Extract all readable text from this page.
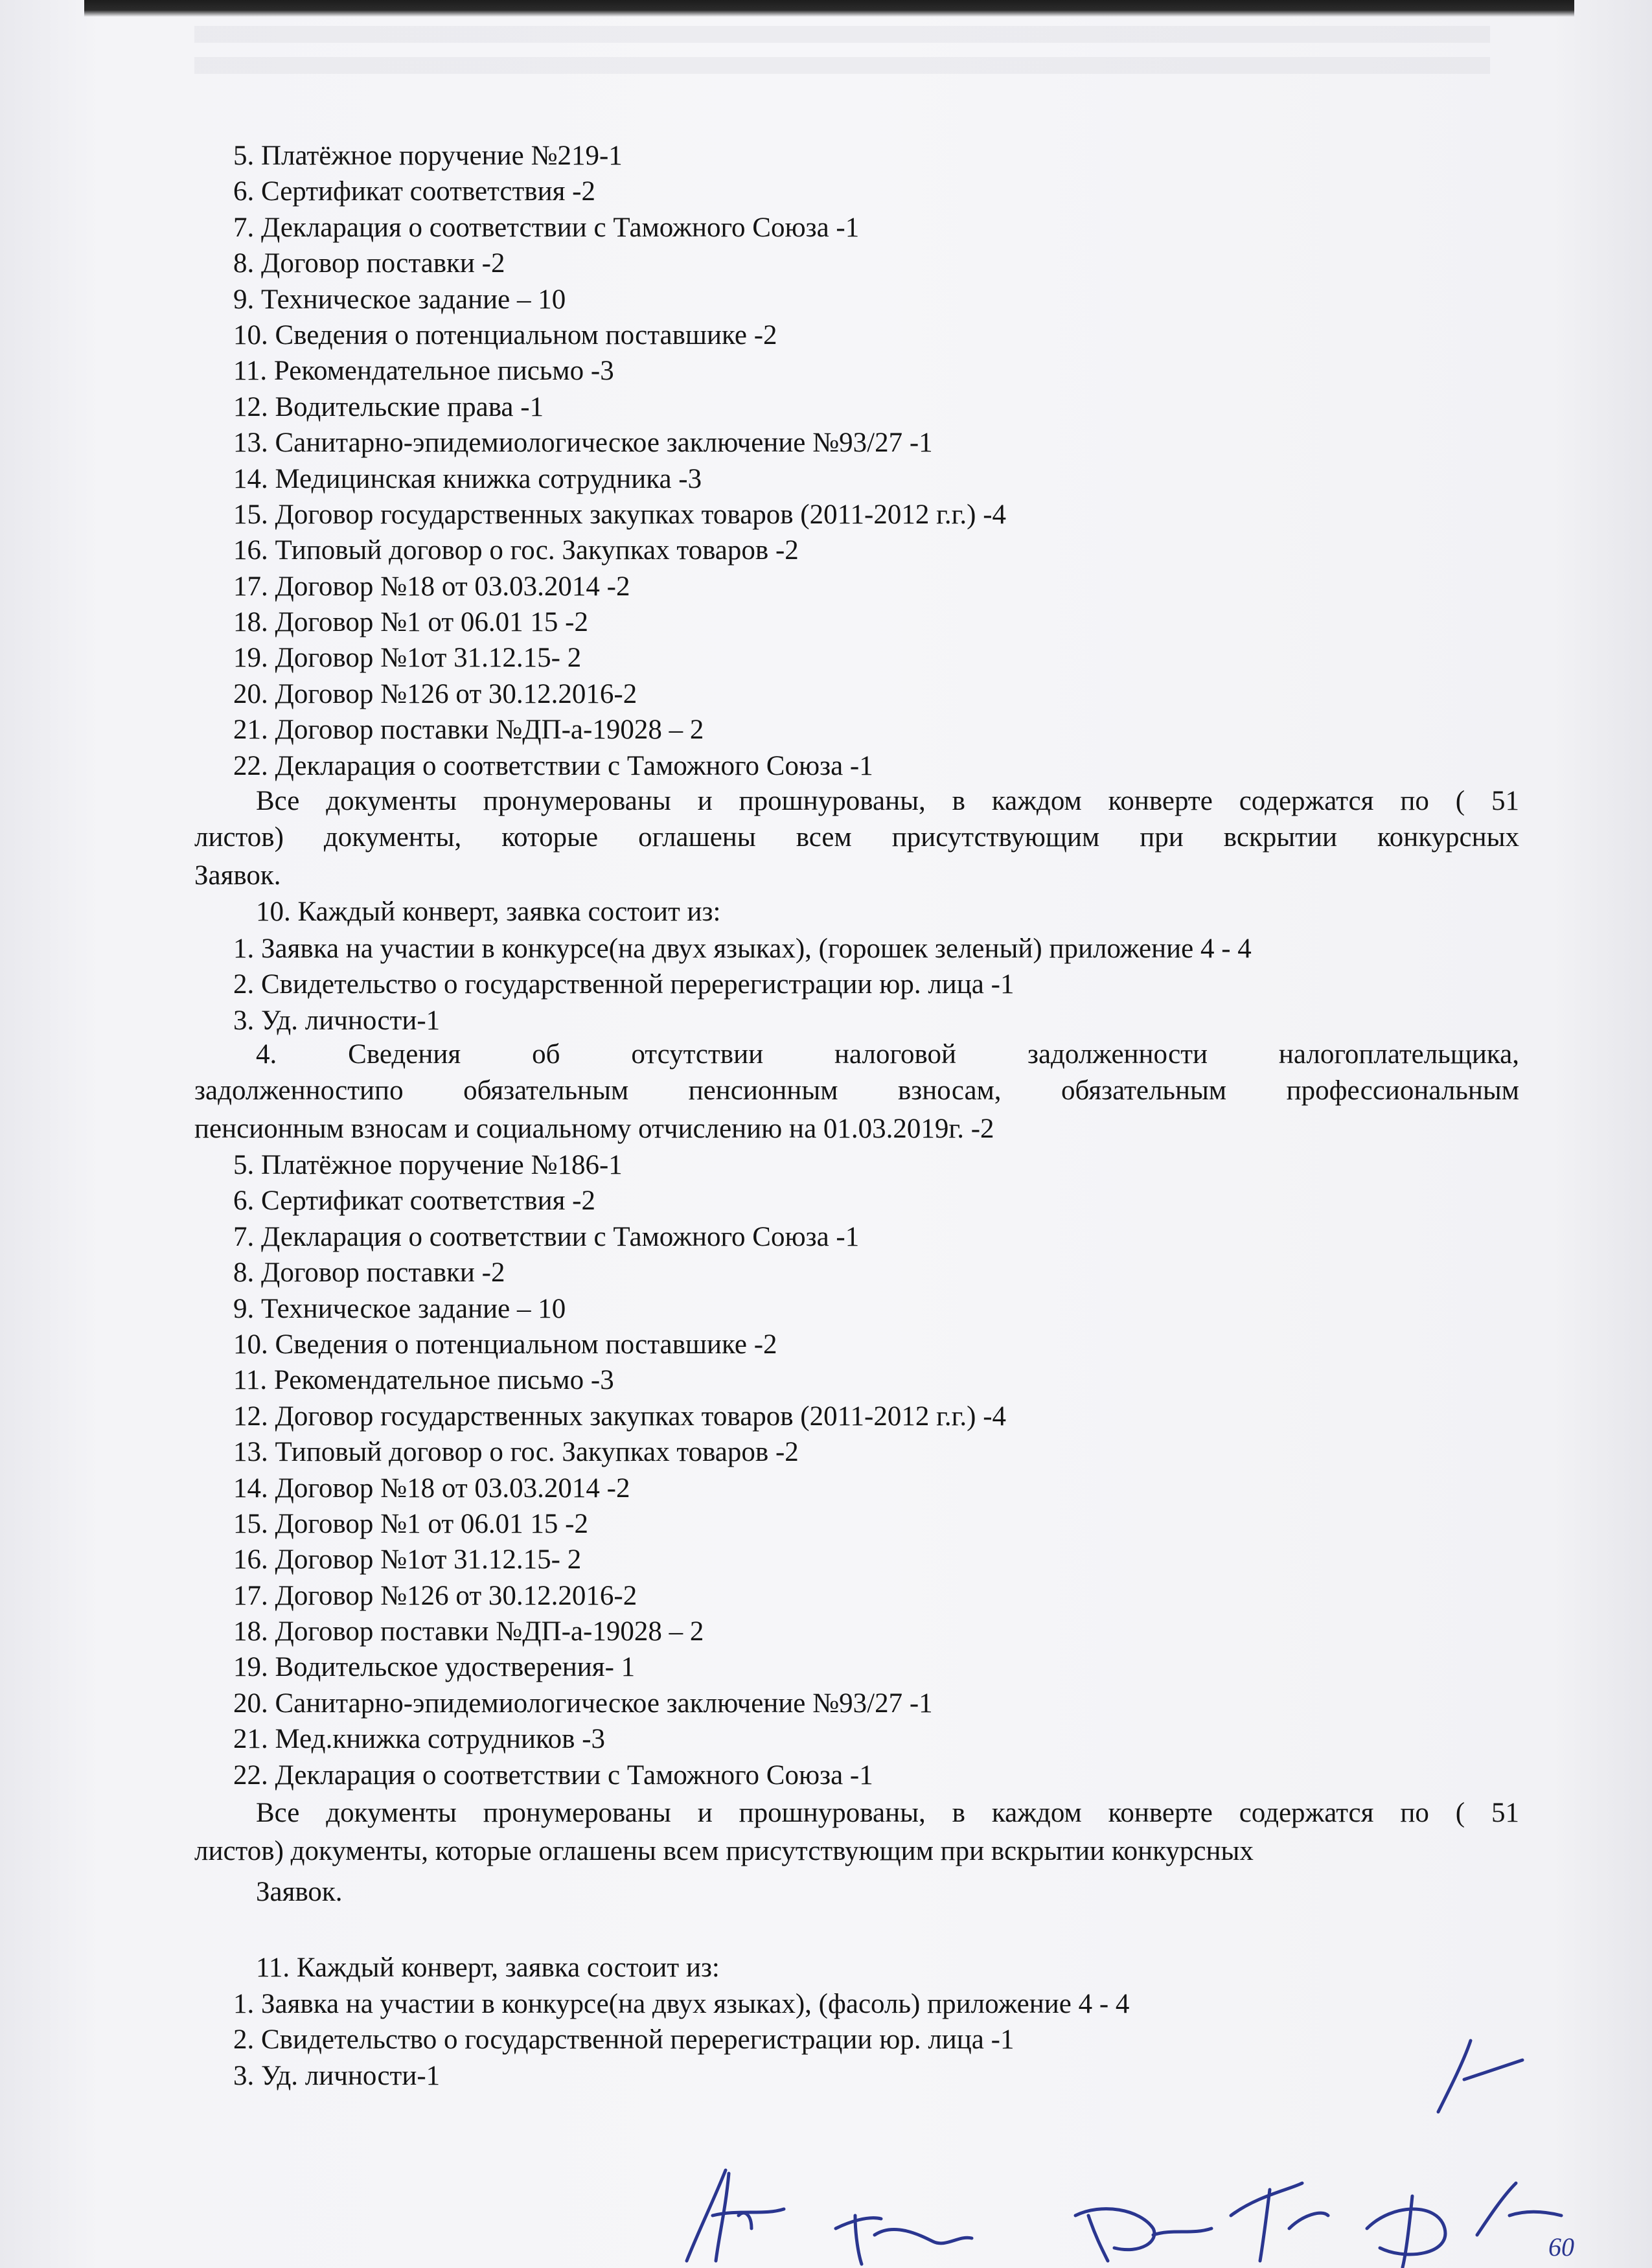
5. Платёжное поручение №219-1
6. Сертификат соответствия -2
7. Декларация о соответствии с Таможного Союза -1
8. Договор поставки -2
9. Техническое задание – 10
10. Сведения о потенциальном поставшике -2
11. Рекомендательное письмо -3
12. Водительские права -1
13. Санитарно-эпидемиологическое заключение №93/27 -1
14. Медицинская книжка сотрудника -3
15. Договор государственных закупках товаров (2011-2012 г.г.) -4
16. Типовый договор о гос. Закупках товаров -2
17. Договор №18 от 03.03.2014 -2
18. Договор №1 от 06.01 15 -2
19. Договор №1от 31.12.15- 2
20. Договор №126 от 30.12.2016-2
21. Договор поставки №ДП-а-19028 – 2
22. Декларация о соответствии с Таможного Союза -1
Все документы пронумерованы и прошнурованы, в каждом конверте содержатся по ( 51
листов) документы, которые оглашены всем присутствующим при вскрытии конкурсных
Заявок.
10. Каждый конверт, заявка состоит из:
1. Заявка на участии в конкурсе(на двух языках), (горошек зеленый) приложение 4 - 4
2. Свидетельство о государственной перерегистрации юр. лица -1
3. Уд. личности-1
4. Сведения об отсутствии налоговой задолженности налогоплательщика,
задолженностипо обязательным пенсионным взносам, обязательным профессиональным
пенсионным взносам и социальному отчислению на 01.03.2019г. -2
5. Платёжное поручение №186-1
6. Сертификат соответствия -2
7. Декларация о соответствии с Таможного Союза -1
8. Договор поставки -2
9. Техническое задание – 10
10. Сведения о потенциальном поставшике -2
11. Рекомендательное письмо -3
12. Договор государственных закупках товаров (2011-2012 г.г.) -4
13. Типовый договор о гос. Закупках товаров -2
14. Договор №18 от 03.03.2014 -2
15. Договор №1 от 06.01 15 -2
16. Договор №1от 31.12.15- 2
17. Договор №126 от 30.12.2016-2
18. Договор поставки №ДП-а-19028 – 2
19. Водительское удостверения- 1
20. Санитарно-эпидемиологическое заключение №93/27 -1
21. Мед.книжка сотрудников -3
22. Декларация о соответствии с Таможного Союза -1
Все документы пронумерованы и прошнурованы, в каждом конверте содержатся по ( 51
листов) документы, которые оглашены всем присутствующим при вскрытии конкурсных
Заявок.
11. Каждый конверт, заявка состоит из:
1. Заявка на участии в конкурсе(на двух языках), (фасоль) приложение 4 - 4
2. Свидетельство о государственной перерегистрации юр. лица -1
3. Уд. личности-1
60
